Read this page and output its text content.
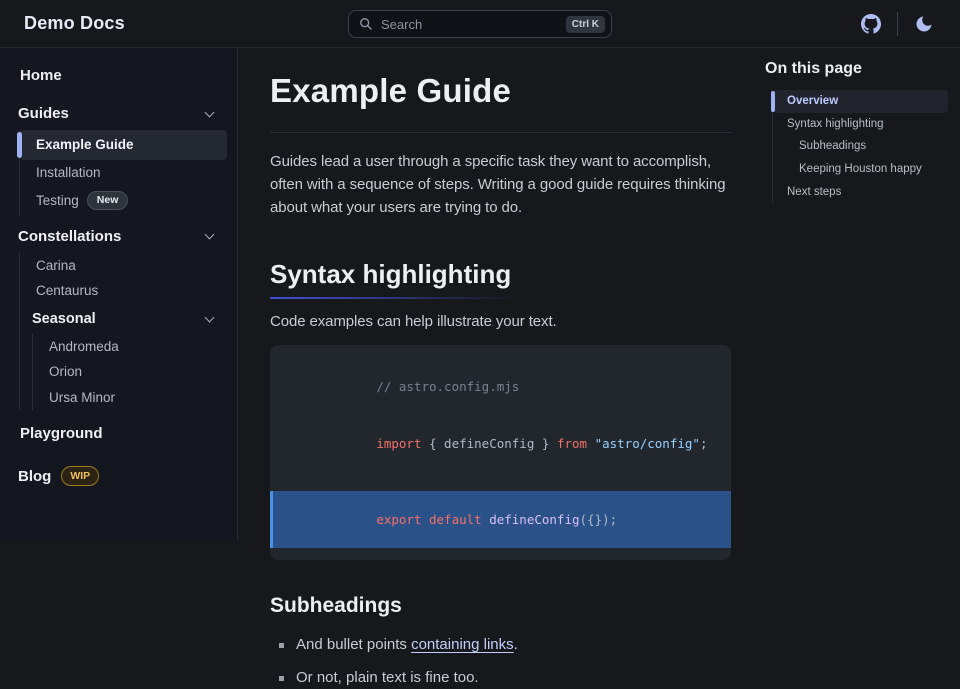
Demo Docs	Search	Ctrl K
Home
Guides
Example Guide
Installation
Testing	New
Constellations
Carina
Centaurus
Seasonal
Andromeda
Orion
Ursa Minor
Playground
Blog	WIP
Example Guide

Guides lead a user through a specific task they want to accomplish, often with a sequence of steps. Writing a good guide requires thinking about what your users are trying to do.

Syntax highlighting

Code examples can help illustrate your text.

// astro.config.mjs

import { defineConfig } from "astro/config";

export default defineConfig({});

Subheadings
And bullet points containing links.
Or not, plain text is fine too.
On this page
Overview
Syntax highlighting
Subheadings
Keeping Houston happy
Next steps
